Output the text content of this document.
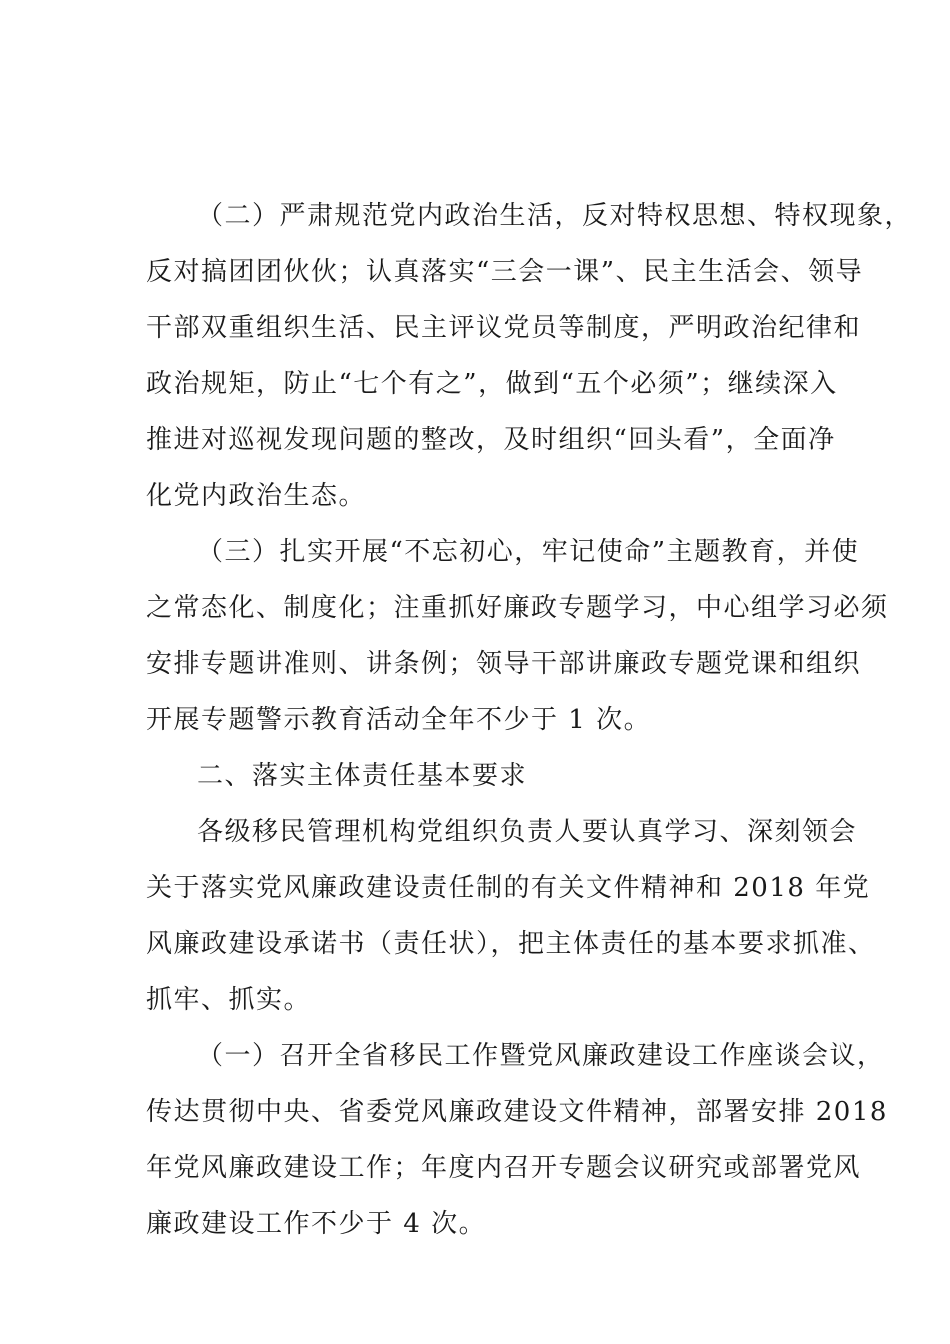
（二）严肃规范党内政治生活，反对特权思想、特权现象，
反对搞团团伙伙；认真落实“三会一课”、民主生活会、领导
干部双重组织生活、民主评议党员等制度，严明政治纪律和
政治规矩，防止“七个有之”，做到“五个必须”；继续深入
推进对巡视发现问题的整改，及时组织“回头看”，全面净
化党内政治生态。
（三）扎实开展“不忘初心，牢记使命”主题教育，并使
之常态化、制度化；注重抓好廉政专题学习，中心组学习必须
安排专题讲准则、讲条例；领导干部讲廉政专题党课和组织
开展专题警示教育活动全年不少于 1 次。
二、落实主体责任基本要求
各级移民管理机构党组织负责人要认真学习、深刻领会
关于落实党风廉政建设责任制的有关文件精神和 2018 年党
风廉政建设承诺书（责任状），把主体责任的基本要求抓准、
抓牢、抓实。
（一）召开全省移民工作暨党风廉政建设工作座谈会议，
传达贯彻中央、省委党风廉政建设文件精神，部署安排 2018
年党风廉政建设工作；年度内召开专题会议研究或部署党风
廉政建设工作不少于 4 次。
